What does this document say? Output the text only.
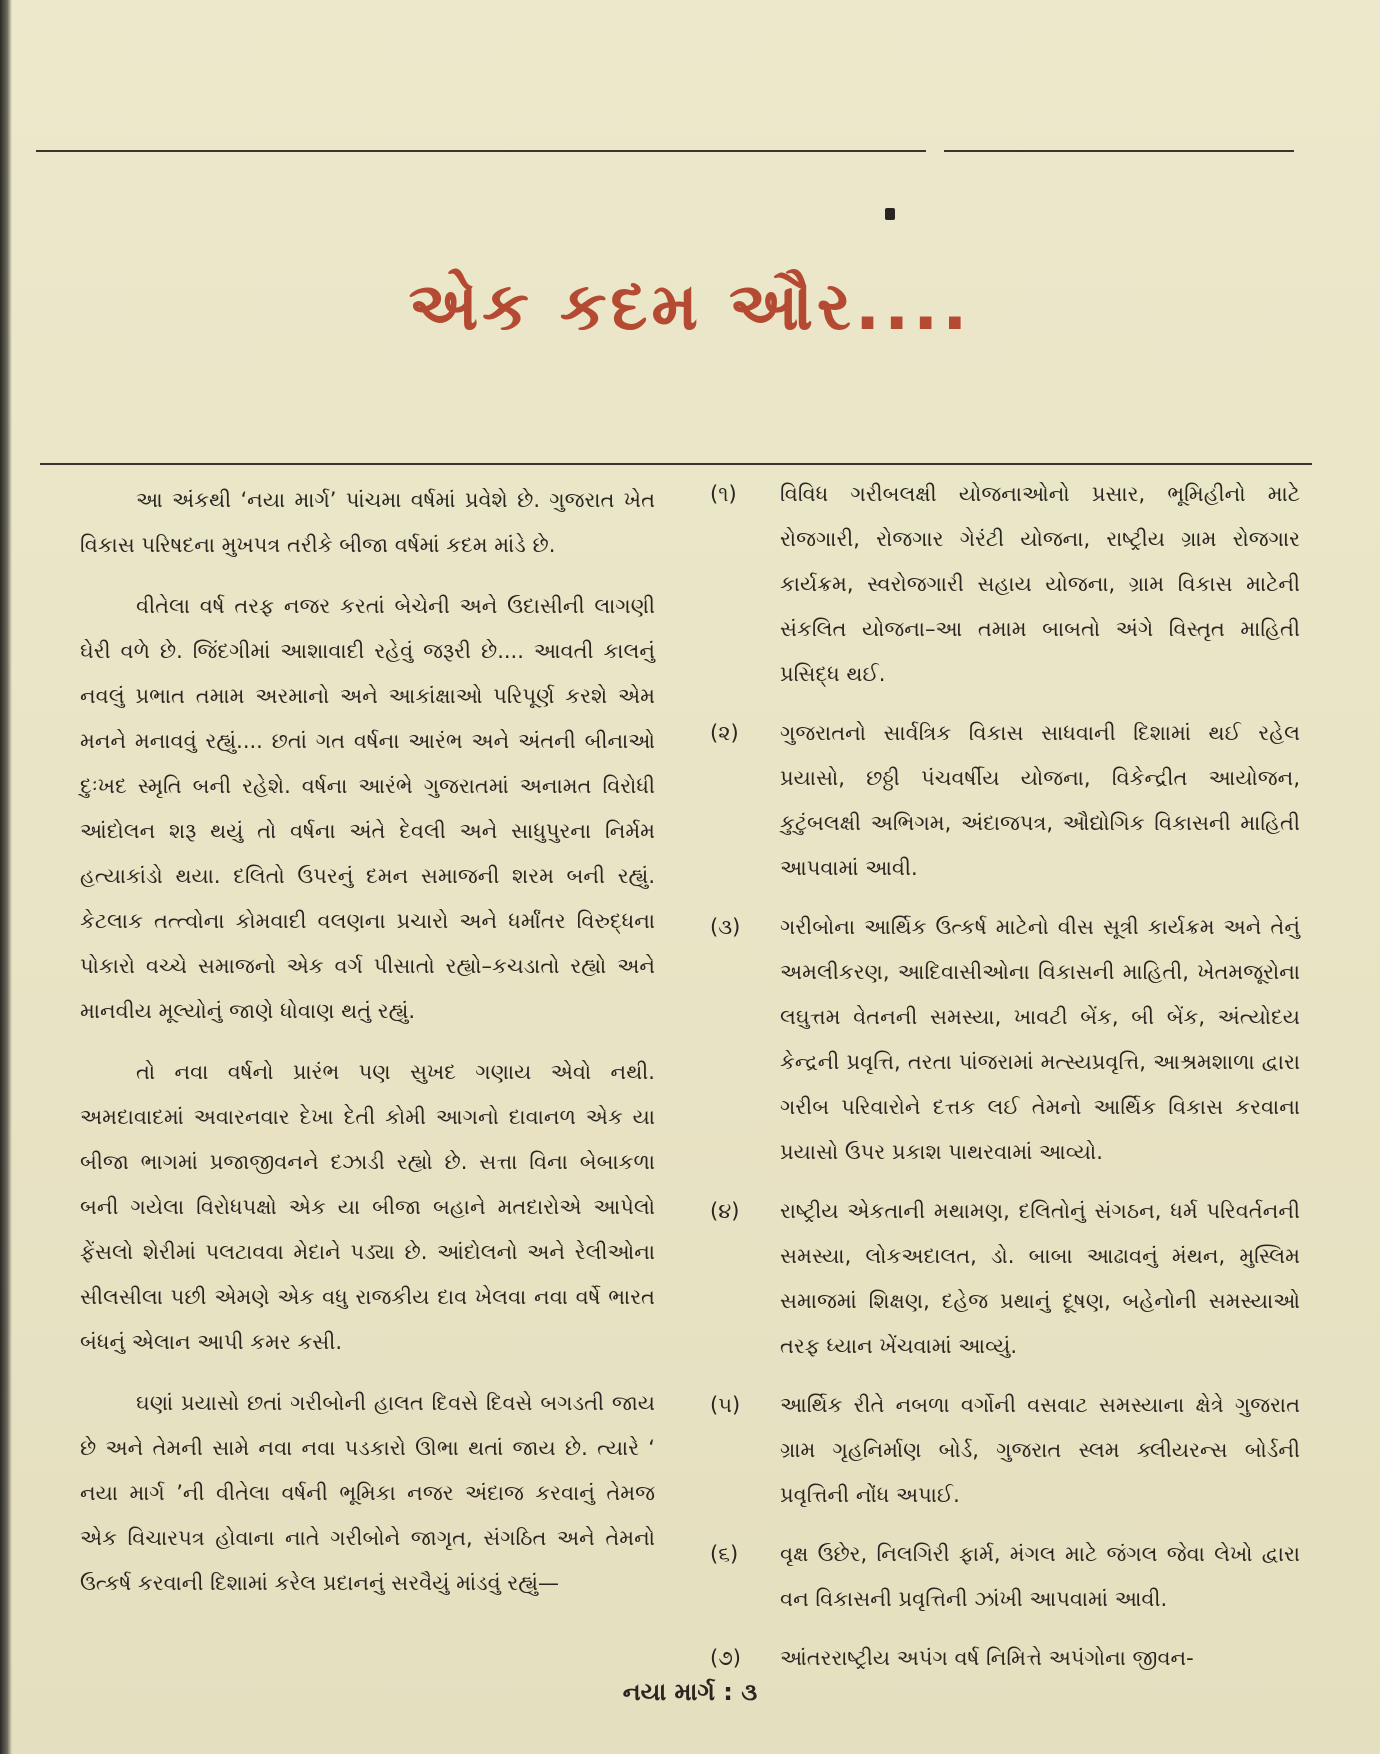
એક કદમ ઔર....

આ અંકથી ‘નયા માર્ગ’ પાંચમા વર્ષમાં પ્રવેશે છે. ગુજરાત ખેત વિકાસ પરિષદના મુખપત્ર તરીકે બીજા વર્ષમાં કદમ માંડે છે.

વીતેલા વર્ષ તરફ નજર કરતાં બેચેની અને ઉદાસીની લાગણી ઘેરી વળે છે. જિંદગીમાં આશાવાદી રહેવું જરૂરી છે.... આવતી કાલનું નવલું પ્રભાત તમામ અરમાનો અને આકાંક્ષાઓ પરિપૂર્ણ કરશે એમ મનને મનાવવું રહ્યું.... છતાં ગત વર્ષના આરંભ અને અંતની બીનાઓ દુઃખદ સ્મૃતિ બની રહેશે. વર્ષના આરંભે ગુજરાતમાં અનામત વિરોધી આંદોલન શરૂ થયું તો વર્ષના અંતે દેવલી અને સાધુપુરના નિર્મમ હત્યાકાંડો થયા. દલિતો ઉપરનું દમન સમાજની શરમ બની રહ્યું. કેટલાક તત્ત્વોના કોમવાદી વલણના પ્રચારો અને ધર્માંતર વિરુદ્ધના પોકારો વચ્ચે સમાજનો એક વર્ગ પીસાતો રહ્યો–કચડાતો રહ્યો અને માનવીય મૂલ્યોનું જાણે ધોવાણ થતું રહ્યું.

તો નવા વર્ષનો પ્રારંભ પણ સુખદ ગણાય એવો નથી. અમદાવાદમાં અવારનવાર દેખા દેતી કોમી આગનો દાવાનળ એક યા બીજા ભાગમાં પ્રજાજીવનને દઝાડી રહ્યો છે. સત્તા વિના બેબાકળા બની ગયેલા વિરોધપક્ષો એક યા બીજા બહાને મતદારોએ આપેલો ફેંસલો શેરીમાં પલટાવવા મેદાને પડ્યા છે. આંદોલનો અને રેલીઓના સીલસીલા પછી એમણે એક વધુ રાજકીય દાવ ખેલવા નવા વર્ષે ભારત બંધનું એલાન આપી કમર કસી.

ઘણાં પ્રયાસો છતાં ગરીબોની હાલત દિવસે દિવસે બગડતી જાય છે અને તેમની સામે નવા નવા પડકારો ઊભા થતાં જાય છે. ત્યારે ‘ નયા માર્ગ ’ની વીતેલા વર્ષની ભૂમિકા નજર અંદાજ કરવાનું તેમજ એક વિચારપત્ર હોવાના નાતે ગરીબોને જાગૃત, સંગઠિત અને તેમનો ઉત્કર્ષ કરવાની દિશામાં કરેલ પ્રદાનનું સરવૈયું માંડવું રહ્યું—

(૧)	વિવિધ ગરીબલક્ષી યોજનાઓનો પ્રસાર, ભૂમિહીનો માટે રોજગારી, રોજગાર ગેરંટી યોજના, રાષ્ટ્રીય ગ્રામ રોજગાર કાર્યક્રમ, સ્વરોજગારી સહાય યોજના, ગ્રામ વિકાસ માટેની સંકલિત યોજના–આ તમામ બાબતો અંગે વિસ્તૃત માહિતી પ્રસિદ્ધ થઈ.
(૨)	ગુજરાતનો સાર્વત્રિક વિકાસ સાધવાની દિશામાં થઈ રહેલ પ્રયાસો, છઠ્ઠી પંચવર્ષીય યોજના, વિકેન્દ્રીત આયોજન, કુટુંબલક્ષી અભિગમ, અંદાજપત્ર, ઔદ્યોગિક વિકાસની માહિતી આપવામાં આવી.
(૩)	ગરીબોના આર્થિક ઉત્કર્ષ માટેનો વીસ સૂત્રી કાર્યક્રમ અને તેનું અમલીકરણ, આદિવાસીઓના વિકાસની માહિતી, ખેતમજૂરોના લઘુત્તમ વેતનની સમસ્યા, ખાવટી બેંક, બી બેંક, અંત્યોદય કેન્દ્રની પ્રવૃત્તિ, તરતા પાંજરામાં મત્સ્યપ્રવૃત્તિ, આશ્રમશાળા દ્વારા ગરીબ પરિવારોને દત્તક લઈ તેમનો આર્થિક વિકાસ કરવાના પ્રયાસો ઉપર પ્રકાશ પાથરવામાં આવ્યો.
(૪)	રાષ્ટ્રીય એકતાની મથામણ, દલિતોનું સંગઠન, ધર્મ પરિવર્તનની સમસ્યા, લોકઅદાલત, ડો. બાબા આઢાવનું મંથન, મુસ્લિમ સમાજમાં શિક્ષણ, દહેજ પ્રથાનું દૂષણ, બહેનોની સમસ્યાઓ તરફ ધ્યાન ખેંચવામાં આવ્યું.
(૫)	આર્થિક રીતે નબળા વર્ગોની વસવાટ સમસ્યાના ક્ષેત્રે ગુજરાત ગ્રામ ગૃહનિર્માણ બોર્ડ, ગુજરાત સ્લમ ક્લીયરન્સ બોર્ડની પ્રવૃત્તિની નોંધ અપાઈ.
(૬)	વૃક્ષ ઉછેર, નિલગિરી ફાર્મ, મંગલ માટે જંગલ જેવા લેખો દ્વારા વન વિકાસની પ્રવૃત્તિની ઝાંખી આપવામાં આવી.
(૭)	આંતરરાષ્ટ્રીય અપંગ વર્ષ નિમિત્તે અપંગોના જીવન-
નયા માર્ગ : ૩
